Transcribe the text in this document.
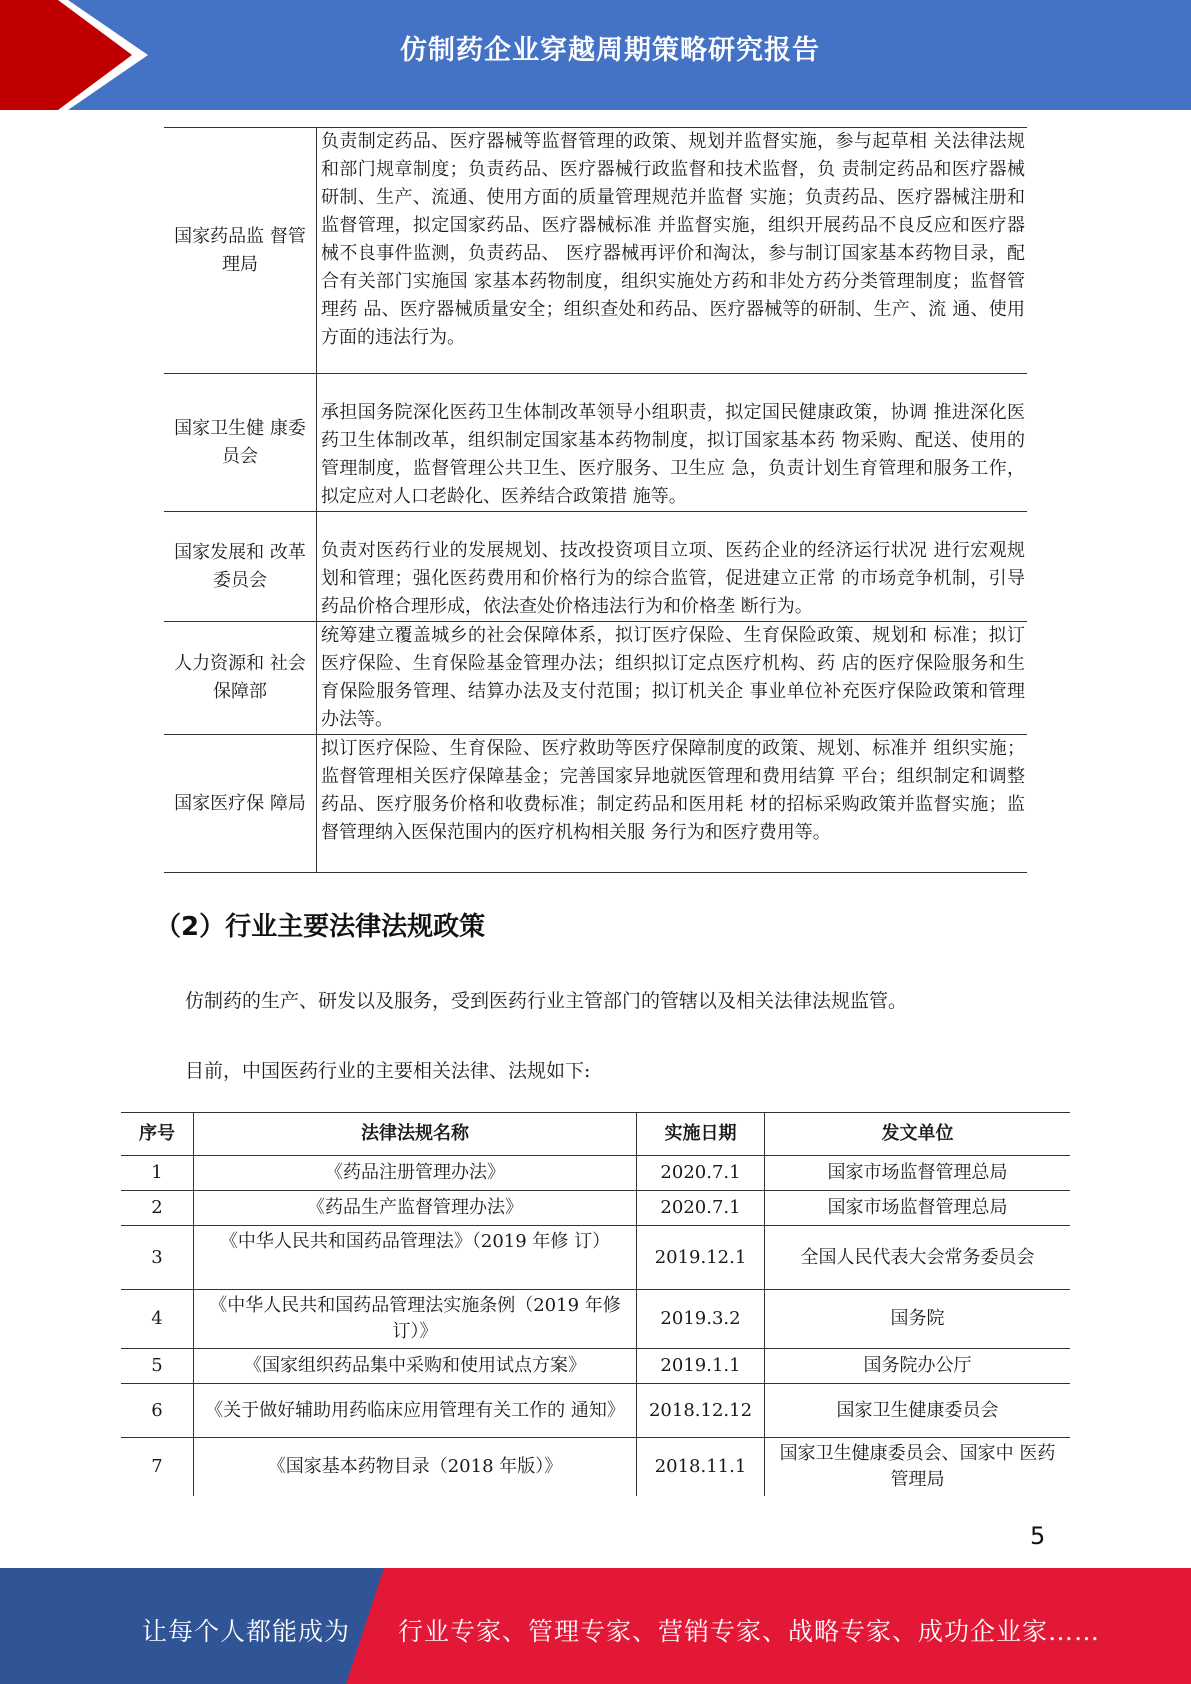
仿制药企业穿越周期策略研究报告
国家药品监 督管理局	负责制定药品、医疗器械等监督管理的政策、规划并监督实施，参与起草相 关法律法规和部门规章制度；负责药品、医疗器械行政监督和技术监督，负 责制定药品和医疗器械研制、生产、流通、使用方面的质量管理规范并监督 实施；负责药品、医疗器械注册和监督管理，拟定国家药品、医疗器械标准 并监督实施，组织开展药品不良反应和医疗器械不良事件监测，负责药品、 医疗器械再评价和淘汰，参与制订国家基本药物目录，配合有关部门实施国 家基本药物制度，组织实施处方药和非处方药分类管理制度；监督管理药 品、医疗器械质量安全；组织查处和药品、医疗器械等的研制、生产、流 通、使用方面的违法行为。
国家卫生健 康委员会	承担国务院深化医药卫生体制改革领导小组职责，拟定国民健康政策，协调 推进深化医药卫生体制改革，组织制定国家基本药物制度，拟订国家基本药 物采购、配送、使用的管理制度，监督管理公共卫生、医疗服务、卫生应 急，负责计划生育管理和服务工作，拟定应对人口老龄化、医养结合政策措 施等。
国家发展和 改革委员会	负责对医药行业的发展规划、技改投资项目立项、医药企业的经济运行状况 进行宏观规划和管理；强化医药费用和价格行为的综合监管，促进建立正常 的市场竞争机制，引导药品价格合理形成，依法查处价格违法行为和价格垄 断行为。
人力资源和 社会保障部	统筹建立覆盖城乡的社会保障体系，拟订医疗保险、生育保险政策、规划和 标准；拟订医疗保险、生育保险基金管理办法；组织拟订定点医疗机构、药 店的医疗保险服务和生育保险服务管理、结算办法及支付范围；拟订机关企 事业单位补充医疗保险政策和管理办法等。
国家医疗保 障局	拟订医疗保险、生育保险、医疗救助等医疗保障制度的政策、规划、标准并 组织实施；监督管理相关医疗保障基金；完善国家异地就医管理和费用结算 平台；组织制定和调整药品、医疗服务价格和收费标准；制定药品和医用耗 材的招标采购政策并监督实施；监督管理纳入医保范围内的医疗机构相关服 务行为和医疗费用等。
（2）行业主要法律法规政策
仿制药的生产、研发以及服务，受到医药行业主管部门的管辖以及相关法律法规监管。
目前，中国医药行业的主要相关法律、法规如下:
序号	法律法规名称	实施日期	发文单位
1	《药品注册管理办法》	2020.7.1	国家市场监督管理总局
2	《药品生产监督管理办法》	2020.7.1	国家市场监督管理总局
3	《中华人民共和国药品管理法》（2019 年修 订）	2019.12.1	全国人民代表大会常务委员会
4	《中华人民共和国药品管理法实施条例（2019 年修订）》	2019.3.2	国务院
5	《国家组织药品集中采购和使用试点方案》	2019.1.1	国务院办公厅
6	《关于做好辅助用药临床应用管理有关工作的 通知》	2018.12.12	国家卫生健康委员会
7	《国家基本药物目录（2018 年版）》	2018.11.1	国家卫生健康委员会、国家中 医药管理局
5
让每个人都能成为 行业专家、管理专家、营销专家、战略专家、成功企业家……
